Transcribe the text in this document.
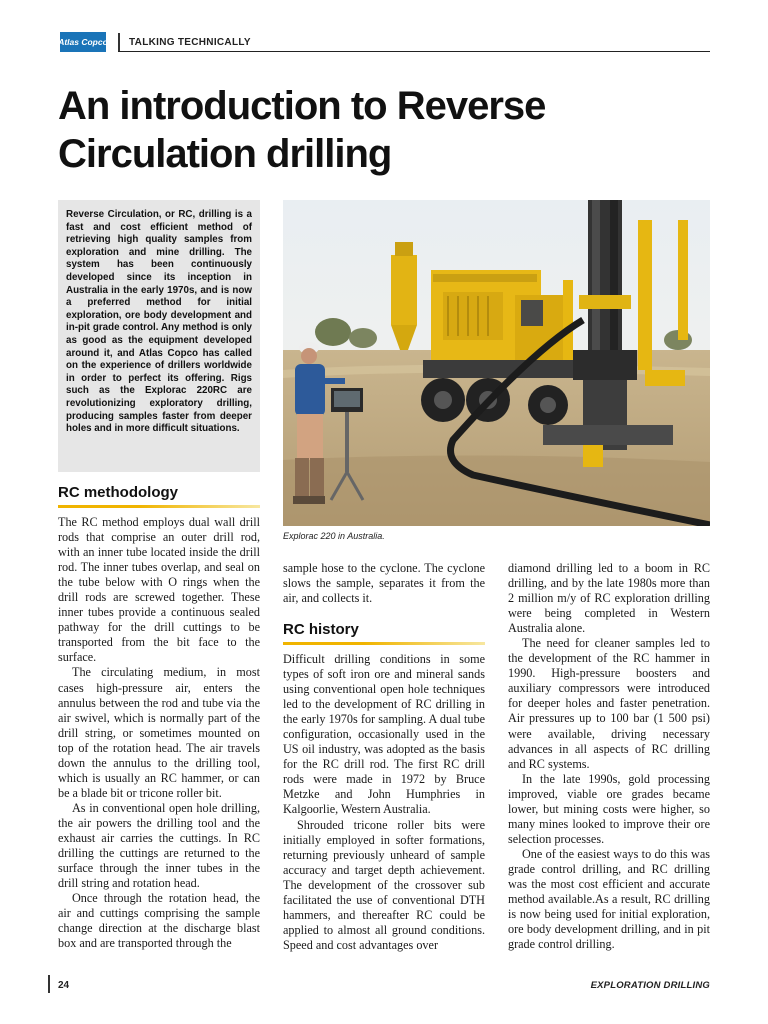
Atlas Copco TALKING TECHNICALLY
An introduction to Reverse
Circulation drilling

Reverse Circulation, or RC, drilling is a fast and cost efficient method of retrieving high quality samples from exploration and mine drilling. The system has been continuously developed since its inception in Australia in the early 1970s, and is now a preferred method for initial exploration, ore body development and in-pit grade control. Any method is only as good as the equipment developed around it, and Atlas Copco has called on the experience of drillers worldwide in order to perfect its offering. Rigs such as the Explorac 220RC are revolutionizing exploratory drilling, producing samples faster from deeper holes and in more difficult situations.

RC methodology

The RC method employs dual wall drill rods that comprise an outer drill rod, with an inner tube located inside the drill rod. The inner tubes overlap, and seal on the tube below with O rings when the drill rods are screwed together. These inner tubes provide a continuous sealed pathway for the drill cuttings to be transported from the bit face to the surface.

The circulating medium, in most cases high-pressure air, enters the annulus between the rod and tube via the air swivel, which is normally part of the drill string, or sometimes mounted on top of the rotation head. The air travels down the annulus to the drilling tool, which is usually an RC hammer, or can be a blade bit or tricone roller bit.

As in conventional open hole drilling, the air powers the drilling tool and the exhaust air carries the cuttings. In RC drilling the cuttings are returned to the surface through the inner tubes in the drill string and rotation head.

Once through the rotation head, the air and cuttings comprising the sample change direction at the discharge blast box and are transported through the

Explorac 220 in Australia.

sample hose to the cyclone. The cyclone slows the sample, separates it from the air, and collects it.

RC history

Difficult drilling conditions in some types of soft iron ore and mineral sands using conventional open hole techniques led to the development of RC drilling in the early 1970s for sampling. A dual tube configuration, occasionally used in the US oil industry, was adopted as the basis for the RC drill rod. The first RC drill rods were made in 1972 by Bruce Metzke and John Humphries in Kalgoorlie, Western Australia.

Shrouded tricone roller bits were initially employed in softer formations, returning previously unheard of sample accuracy and target depth achievement. The development of the crossover sub facilitated the use of conventional DTH hammers, and thereafter RC could be applied to almost all ground conditions. Speed and cost advantages over

diamond drilling led to a boom in RC drilling, and by the late 1980s more than 2 million m/y of RC exploration drilling were being completed in Western Australia alone.

The need for cleaner samples led to the development of the RC hammer in 1990. High-pressure boosters and auxiliary compressors were introduced for deeper holes and faster penetration. Air pressures up to 100 bar (1 500 psi) were available, driving necessary advances in all aspects of RC drilling and RC systems.

In the late 1990s, gold processing improved, viable ore grades became lower, but mining costs were higher, so many mines looked to improve their ore selection processes.

One of the easiest ways to do this was grade control drilling, and RC drilling was the most cost efficient and accurate method available.As a result, RC drilling is now being used for initial exploration, ore body development drilling, and in pit grade control drilling.

24	EXPLORATION DRILLING
